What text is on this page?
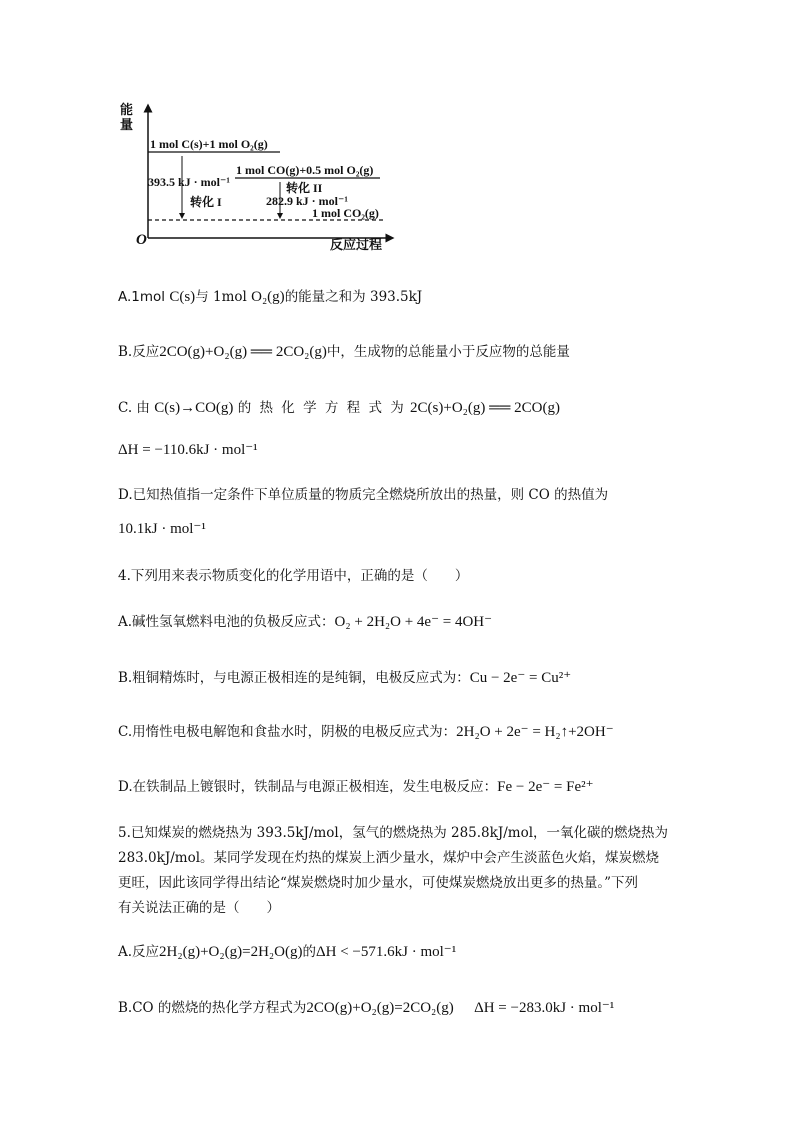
能量
O	反应过程
1 mol C(s)+1 mol O₂(g)
1 mol CO(g)+0.5 mol O₂(g)
1 mol CO₂(g)
393.5 kJ · mol⁻¹
转化 I
转化 II
282.9 kJ · mol⁻¹
A.1mol C(s)与 1mol O₂(g)的能量之和为 393.5kJ
B.反应2CO(g)+O₂(g) ══ 2CO₂(g)中，生成物的总能量小于反应物的总能量
C. 由 C(s)→CO(g) 的 热 化 学 方 程 式 为 2C(s)+O₂(g) ══ 2CO(g)
ΔH = −110.6kJ · mol⁻¹
D.已知热值指一定条件下单位质量的物质完全燃烧所放出的热量，则 CO 的热值为
10.1kJ · mol⁻¹
4.下列用来表示物质变化的化学用语中，正确的是（　　）
A.碱性氢氧燃料电池的负极反应式：O₂ + 2H₂O + 4e⁻ = 4OH⁻
B.粗铜精炼时，与电源正极相连的是纯铜，电极反应式为：Cu − 2e⁻ = Cu²⁺
C.用惰性电极电解饱和食盐水时，阴极的电极反应式为：2H₂O + 2e⁻ = H₂↑+2OH⁻
D.在铁制品上镀银时，铁制品与电源正极相连，发生电极反应：Fe − 2e⁻ = Fe²⁺
5.已知煤炭的燃烧热为 393.5kJ/mol，氢气的燃烧热为 285.8kJ/mol，一氧化碳的燃烧热为
283.0kJ/mol。某同学发现在灼热的煤炭上洒少量水，煤炉中会产生淡蓝色火焰，煤炭燃烧
更旺，因此该同学得出结论“煤炭燃烧时加少量水，可使煤炭燃烧放出更多的热量。”下列
有关说法正确的是（　　）
A.反应2H₂(g)+O₂(g)=2H₂O(g)的ΔH < −571.6kJ · mol⁻¹
B.CO 的燃烧的热化学方程式为2CO(g)+O₂(g)=2CO₂(g) ΔH = −283.0kJ · mol⁻¹
